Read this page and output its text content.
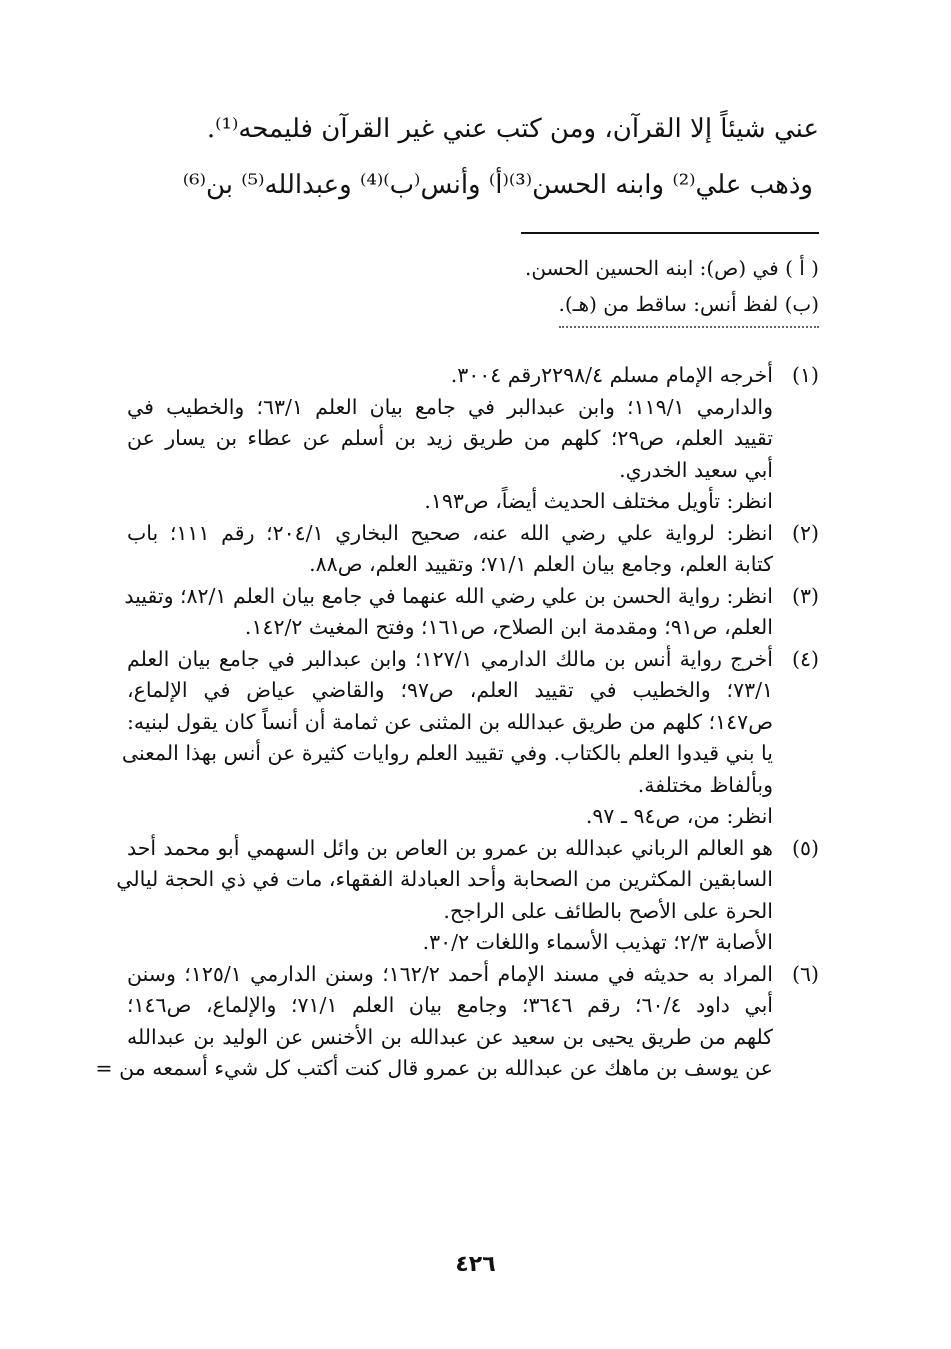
عني شيئاً إلا القرآن، ومن كتب عني غير القرآن فليمحه⁽¹⁾.
وذهب علي⁽²⁾ وابنه الحسن⁽³⁾⁽أ⁾ وأنس⁽ب⁾⁽⁴⁾ وعبدالله⁽⁵⁾ بن⁽⁶⁾
( أ ) في (ص): ابنه الحسين الحسن.
(ب) لفظ أنس: ساقط من (هـ).
(١)
أخرجه الإمام مسلم ٢٢٩٨/٤رقم ٣٠٠٤.
والدارمي ١١٩/١؛ وابن عبدالبر في جامع بيان العلم ٦٣/١؛ والخطيب في
تقييد العلم، ص٢٩؛ كلهم من طريق زيد بن أسلم عن عطاء بن يسار عن
أبي سعيد الخدري.
انظر: تأويل مختلف الحديث أيضاً، ص١٩٣.
(٢)
انظر: لرواية علي رضي الله عنه، صحيح البخاري ٢٠٤/١؛ رقم ١١١؛ باب
كتابة العلم، وجامع بيان العلم ٧١/١؛ وتقييد العلم، ص٨٨.
(٣)
انظر: رواية الحسن بن علي رضي الله عنهما في جامع بيان العلم ٨٢/١؛ وتقييد
العلم، ص٩١؛ ومقدمة ابن الصلاح، ص١٦١؛ وفتح المغيث ١٤٢/٢.
(٤)
أخرج رواية أنس بن مالك الدارمي ١٢٧/١؛ وابن عبدالبر في جامع بيان العلم
٧٣/١؛ والخطيب في تقييد العلم، ص٩٧؛ والقاضي عياض في الإلماع،
ص١٤٧؛ كلهم من طريق عبدالله بن المثنى عن ثمامة أن أنساً كان يقول لبنيه:
يا بني قيدوا العلم بالكتاب. وفي تقييد العلم روايات كثيرة عن أنس بهذا المعنى
وبألفاظ مختلفة.
انظر: من، ص٩٤ ـ ٩٧.
(٥)
هو العالم الرباني عبدالله بن عمرو بن العاص بن وائل السهمي أبو محمد أحد
السابقين المكثرين من الصحابة وأحد العبادلة الفقهاء، مات في ذي الحجة ليالي
الحرة على الأصح بالطائف على الراجح.
الأصابة ٢/٣؛ تهذيب الأسماء واللغات ٣٠/٢.
(٦)
المراد به حديثه في مسند الإمام أحمد ١٦٢/٢؛ وسنن الدارمي ١٢٥/١؛ وسنن
أبي داود ٦٠/٤؛ رقم ٣٦٤٦؛ وجامع بيان العلم ٧١/١؛ والإلماع، ص١٤٦؛
كلهم من طريق يحيى بن سعيد عن عبدالله بن الأخنس عن الوليد بن عبدالله
عن يوسف بن ماهك عن عبدالله بن عمرو قال كنت أكتب كل شيء أسمعه من =
٤٢٦
